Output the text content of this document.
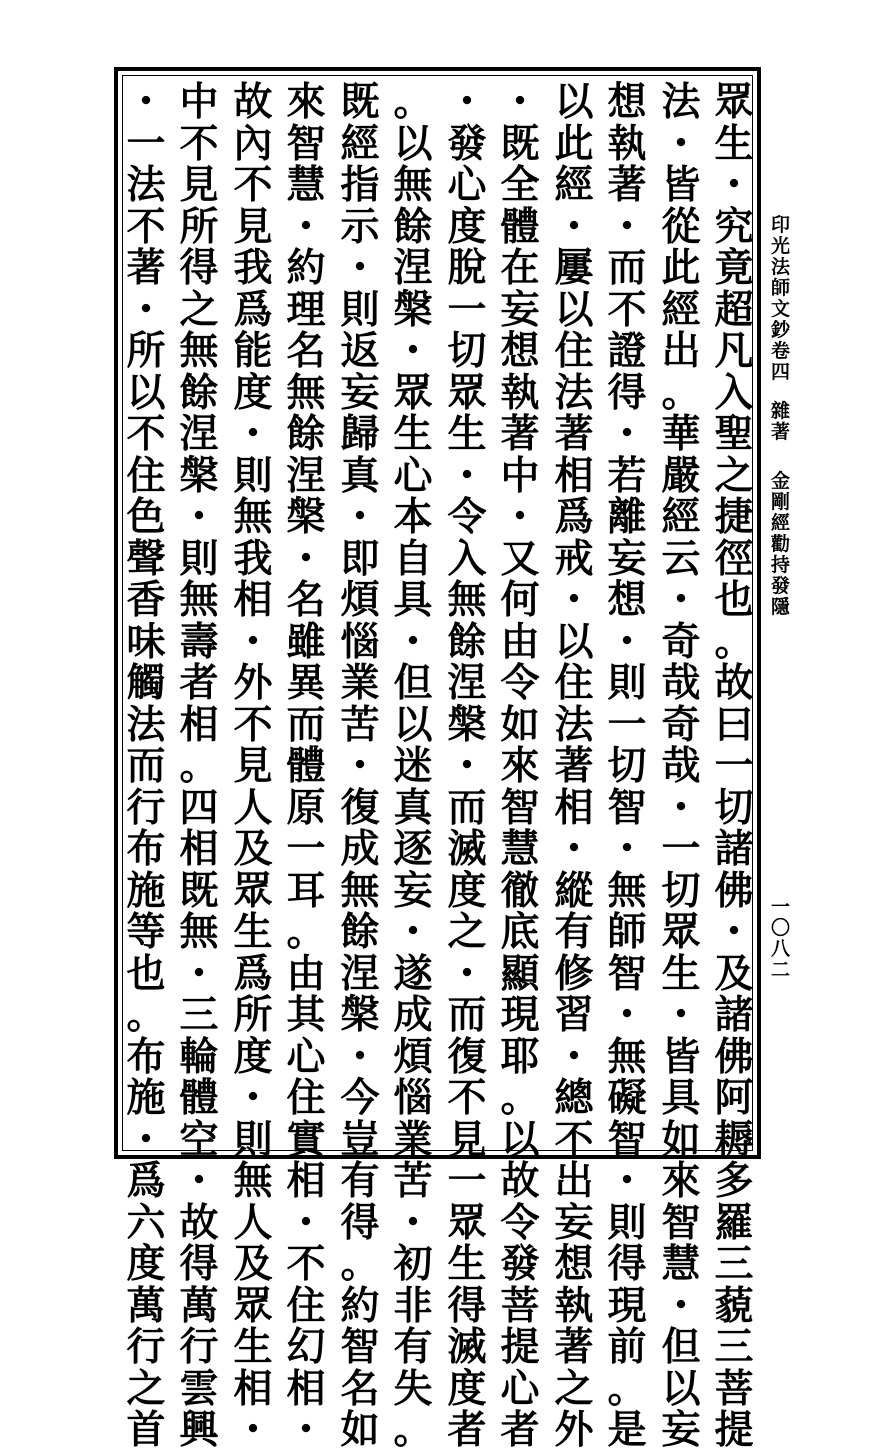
眾
生
・
究
竟
超
凡
入
聖
之
捷
徑
也
。
故
曰
一
切
諸
佛
・
及
諸
佛
阿
耨
多
羅
三
藐
三
菩
提
法
・
皆
從
此
經
出
。
華
嚴
經
云
・
奇
哉
奇
哉
・
一
切
眾
生
・
皆
具
如
來
智
慧
・
但
以
妄
想
執
著
・
而
不
證
得
・
若
離
妄
想
・
則
一
切
智
・
無
師
智
・
無
礙
智
・
則
得
現
前
。
是
以
此
經
・
屢
以
住
法
著
相
爲
戒
・
以
住
法
著
相
・
縱
有
修
習
・
總
不
出
妄
想
執
著
之
外
・
既
全
體
在
妄
想
執
著
中
・
又
何
由
令
如
來
智
慧
徹
底
顯
現
耶
。
以
故
令
發
菩
提
心
者
・
發
心
度
脫
一
切
眾
生
・
令
入
無
餘
涅
槃
・
而
滅
度
之
・
而
復
不
見
一
眾
生
得
滅
度
者
。
以
無
餘
涅
槃
・
眾
生
心
本
自
具
・
但
以
迷
真
逐
妄
・
遂
成
煩
惱
業
苦
・
初
非
有
失
。
既
經
指
示
・
則
返
妄
歸
真
・
即
煩
惱
業
苦
・
復
成
無
餘
涅
槃
・
今
豈
有
得
。
約
智
名
如
來
智
慧
・
約
理
名
無
餘
涅
槃
・
名
雖
異
而
體
原
一
耳
。
由
其
心
住
實
相
・
不
住
幻
相
・
故
內
不
見
我
爲
能
度
・
則
無
我
相
・
外
不
見
人
及
眾
生
爲
所
度
・
則
無
人
及
眾
生
相
・
中
不
見
所
得
之
無
餘
涅
槃
・
則
無
壽
者
相
。
四
相
既
無
・
三
輪
體
空
・
故
得
萬
行
雲
興
・
一
法
不
著
・
所
以
不
住
色
聲
香
味
觸
法
而
行
布
施
等
也
。
布
施
・
爲
六
度
萬
行
之
首
印
光
法
師
文
鈔
卷
四
雜
著
金
剛
經
勸
持
發
隱
一
〇
八
二
